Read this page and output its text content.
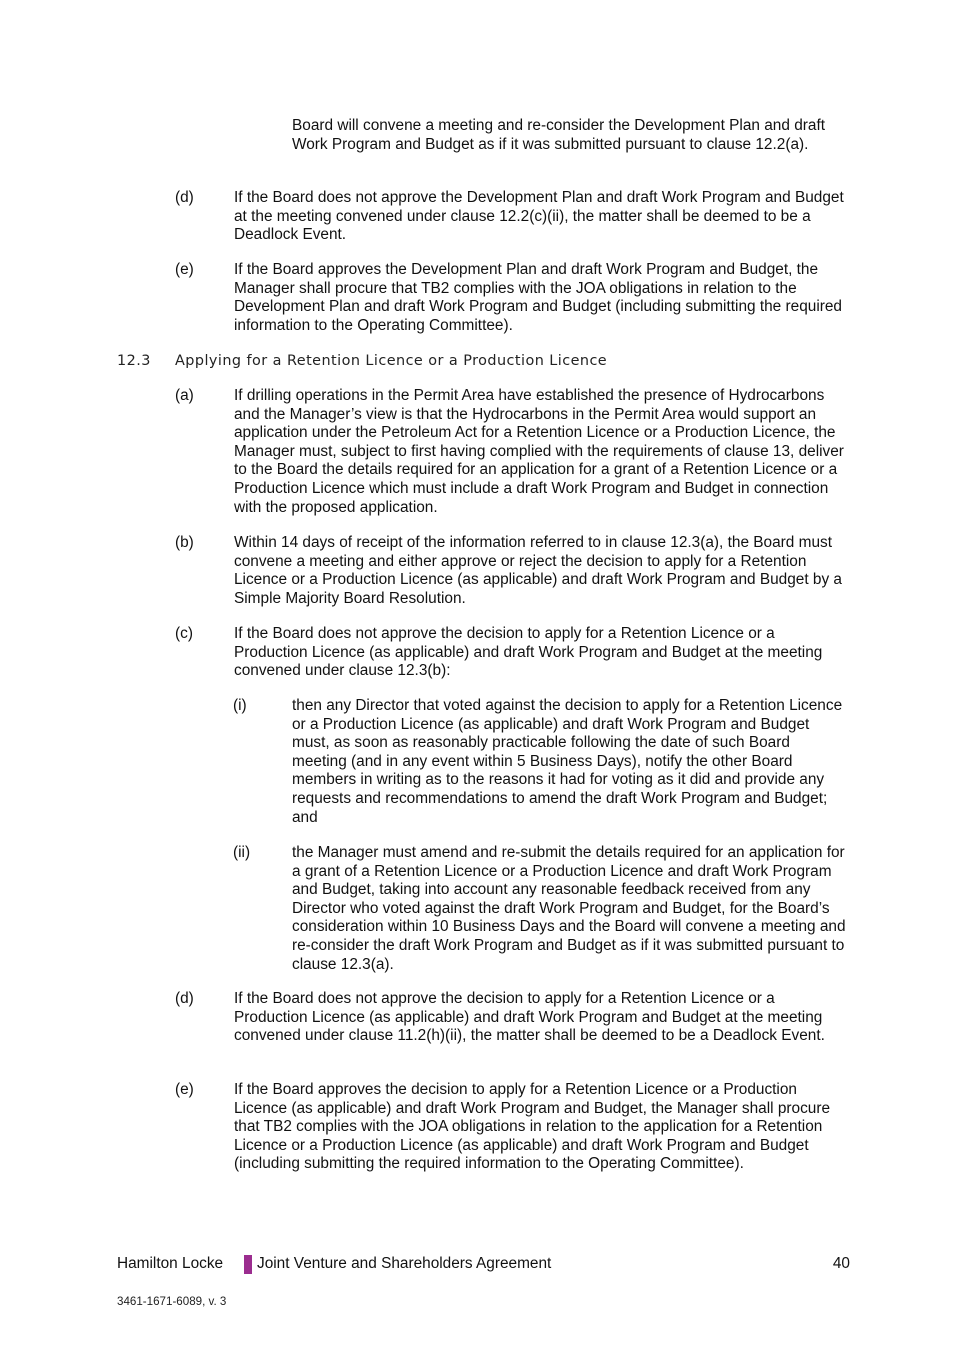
Board will convene a meeting and re-consider the Development Plan and draft Work Program and Budget as if it was submitted pursuant to clause 12.2(a).
(d)	If the Board does not approve the Development Plan and draft Work Program and Budget at the meeting convened under clause 12.2(c)(ii), the matter shall be deemed to be a Deadlock Event.
(e)	If the Board approves the Development Plan and draft Work Program and Budget, the Manager shall procure that TB2 complies with the JOA obligations in relation to the Development Plan and draft Work Program and Budget (including submitting the required information to the Operating Committee).
12.3 Applying for a Retention Licence or a Production Licence
(a)	If drilling operations in the Permit Area have established the presence of Hydrocarbons and the Manager’s view is that the Hydrocarbons in the Permit Area would support an application under the Petroleum Act for a Retention Licence or a Production Licence, the Manager must, subject to first having complied with the requirements of clause 13, deliver to the Board the details required for an application for a grant of a Retention Licence or a Production Licence which must include a draft Work Program and Budget in connection with the proposed application.
(b)	Within 14 days of receipt of the information referred to in clause 12.3(a), the Board must convene a meeting and either approve or reject the decision to apply for a Retention Licence or a Production Licence (as applicable) and draft Work Program and Budget by a Simple Majority Board Resolution.
(c)	If the Board does not approve the decision to apply for a Retention Licence or a Production Licence (as applicable) and draft Work Program and Budget at the meeting convened under clause 12.3(b):
(i)	then any Director that voted against the decision to apply for a Retention Licence or a Production Licence (as applicable) and draft Work Program and Budget must, as soon as reasonably practicable following the date of such Board meeting (and in any event within 5 Business Days), notify the other Board members in writing as to the reasons it had for voting as it did and provide any requests and recommendations to amend the draft Work Program and Budget; and
(ii)	the Manager must amend and re-submit the details required for an application for a grant of a Retention Licence or a Production Licence and draft Work Program and Budget, taking into account any reasonable feedback received from any Director who voted against the draft Work Program and Budget, for the Board’s consideration within 10 Business Days and the Board will convene a meeting and re-consider the draft Work Program and Budget as if it was submitted pursuant to clause 12.3(a).
(d)	If the Board does not approve the decision to apply for a Retention Licence or a Production Licence (as applicable) and draft Work Program and Budget at the meeting convened under clause 11.2(h)(ii), the matter shall be deemed to be a Deadlock Event.
(e)	If the Board approves the decision to apply for a Retention Licence or a Production Licence (as applicable) and draft Work Program and Budget, the Manager shall procure that TB2 complies with the JOA obligations in relation to the application for a Retention Licence or a Production Licence (as applicable) and draft Work Program and Budget (including submitting the required information to the Operating Committee).
Hamilton Locke Joint Venture and Shareholders Agreement	40
3461-1671-6089, v. 3
